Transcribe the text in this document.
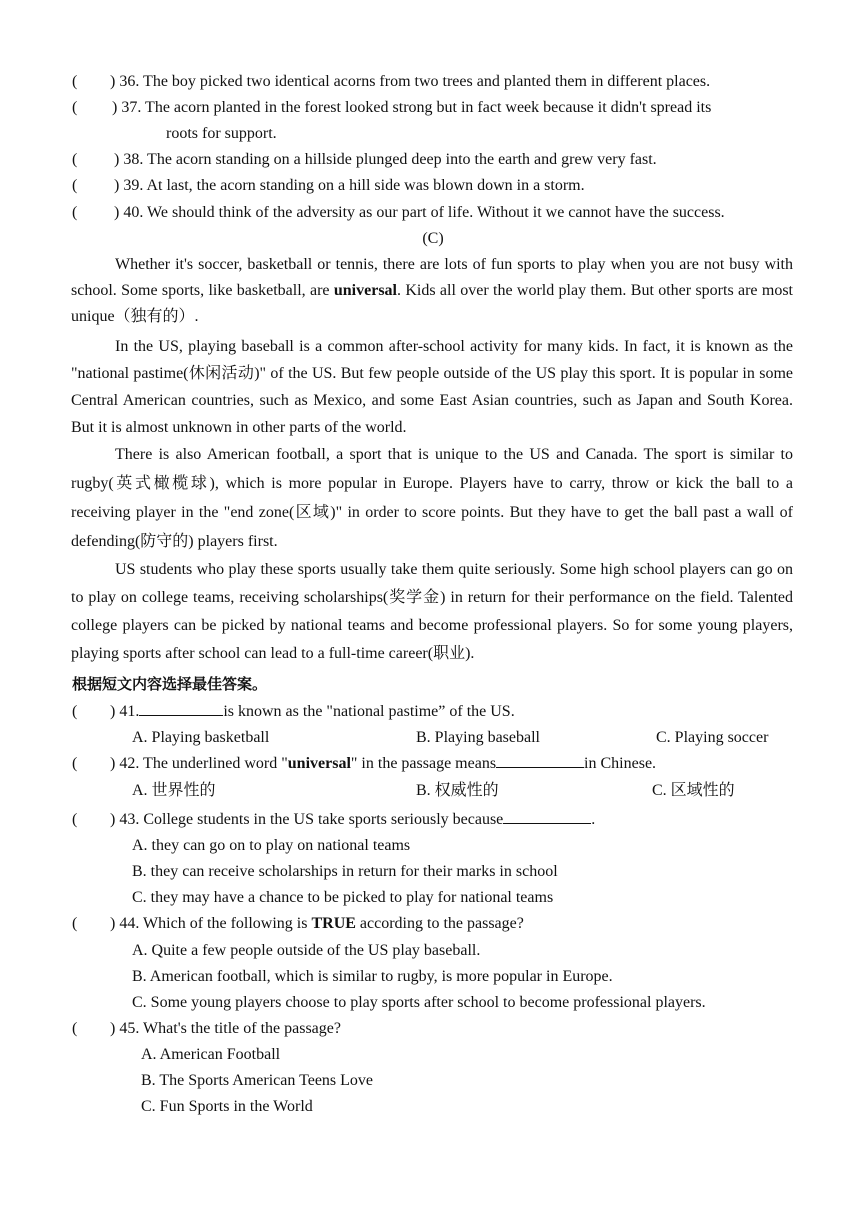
( ) 36. The boy picked two identical acorns from two trees and planted them in different places.
( ) 37. The acorn planted in the forest looked strong but in fact week because it didn't spread its
roots for support.
( ) 38. The acorn standing on a hillside plunged deep into the earth and grew very fast.
( ) 39. At last, the acorn standing on a hill side was blown down in a storm.
( ) 40. We should think of the adversity as our part of life. Without it we cannot have the success.
(C)
Whether it's soccer, basketball or tennis, there are lots of fun sports to play when you are not busy with school. Some sports, like basketball, are universal. Kids all over the world play them. But other sports are most unique（独有的）.
In the US, playing baseball is a common after-school activity for many kids. In fact, it is known as the "national pastime(休闲活动)" of the US. But few people outside of the US play this sport. It is popular in some Central American countries, such as Mexico, and some East Asian countries, such as Japan and South Korea. But it is almost unknown in other parts of the world.
There is also American football, a sport that is unique to the US and Canada. The sport is similar to rugby(英式橄榄球), which is more popular in Europe. Players have to carry, throw or kick the ball to a receiving player in the "end zone(区域)" in order to score points. But they have to get the ball past a wall of defending(防守的) players first.
US students who play these sports usually take them quite seriously. Some high school players can go on to play on college teams, receiving scholarships(奖学金) in return for their performance on the field. Talented college players can be picked by national teams and become professional players. So for some young players, playing sports after school can lead to a full-time career(职业).
根据短文内容选择最佳答案。
( ) 41.	is known as the "national pastime” of the US.
A. Playing basketball	B. Playing baseball	C. Playing soccer
( ) 42. The underlined word "universal" in the passage means	in Chinese.
A. 世界性的	B. 权威性的	C. 区域性的
( ) 43. College students in the US take sports seriously because	.
A. they can go on to play on national teams
B. they can receive scholarships in return for their marks in school
C. they may have a chance to be picked to play for national teams
( ) 44. Which of the following is TRUE according to the passage?
A. Quite a few people outside of the US play baseball.
B. American football, which is similar to rugby, is more popular in Europe.
C. Some young players choose to play sports after school to become professional players.
( ) 45. What's the title of the passage?
A. American Football
B. The Sports American Teens Love
C. Fun Sports in the World
